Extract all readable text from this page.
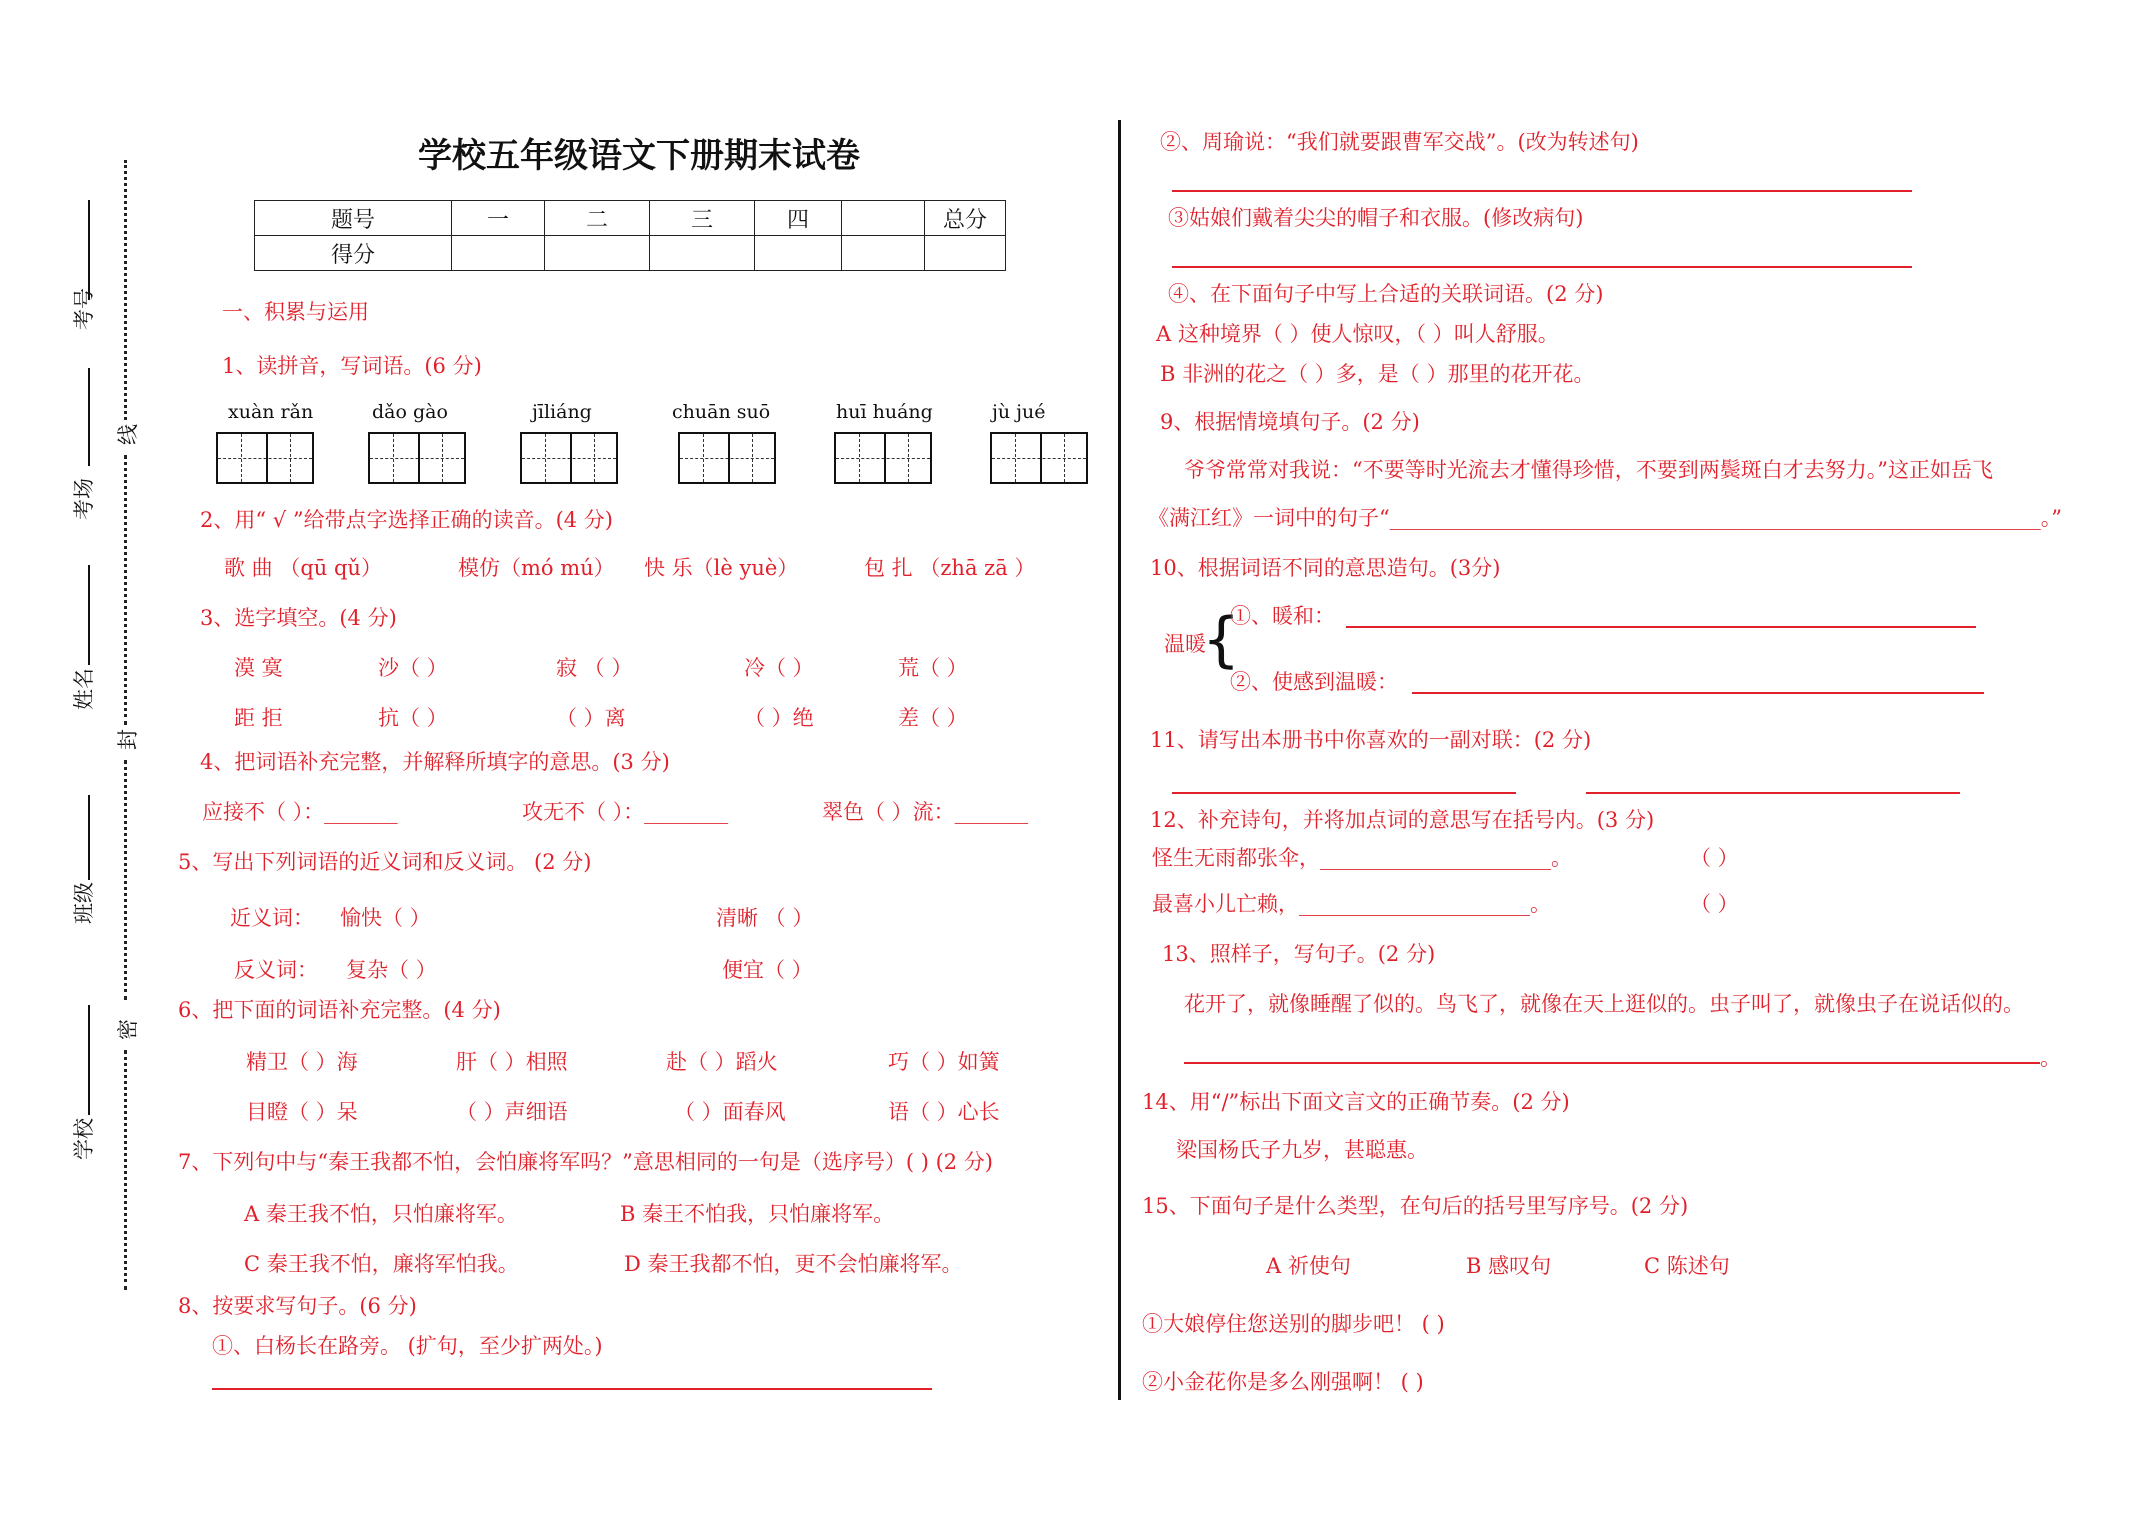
考号
考场
姓名
班级
学校
线
封
密
学校五年级语文下册期末试卷
题号	一	二	三	四		总分
得分						
一、积累与运用
1、读拼音，写词语。(6 分)
xuàn rǎn	dǎo gào	jīliáng	chuān suō	huī huáng	jù jué
2、用“ √ ”给带点字选择正确的读音。(4 分)
歌 曲 （qū qǔ）	模仿（mó mú） 快 乐（lè yuè）	包 扎 （zhā zā ）
3、选字填空。(4 分)
漠 寞	沙（ ）	寂 （ ）	冷（ ）	荒（ ）
距 拒	抗（ ）	（ ）离	（ ）绝	差（ ）
4、把词语补充完整，并解释所填字的意思。(3 分)
应接不（ ）：_______	攻无不（ ）：________	翠色（ ）流：_______
5、写出下列词语的近义词和反义词。 (2 分)
近义词： 愉快（ ）	清晰 （ ）
反义词： 复杂（ ）	便宜（ ）
6、把下面的词语补充完整。(4 分)
精卫（ ）海	肝（ ）相照	赴（ ）蹈火	巧（ ）如簧
目瞪（ ）呆	（ ）声细语	（ ）面春风	语（ ）心长
7、下列句中与“秦王我都不怕，会怕廉将军吗？”意思相同的一句是（选序号）( ) (2 分)
A 秦王我不怕，只怕廉将军。	B 秦王不怕我，只怕廉将军。
C 秦王我不怕，廉将军怕我。	D 秦王我都不怕，更不会怕廉将军。
8、按要求写句子。(6 分)
①、白杨长在路旁。 (扩句，至少扩两处。)
②、周瑜说：“我们就要跟曹军交战”。(改为转述句)
③姑娘们戴着尖尖的帽子和衣服。(修改病句)
④、在下面句子中写上合适的关联词语。(2 分)
A 这种境界（ ）使人惊叹，（ ）叫人舒服。
B 非洲的花之（ ）多，是（ ）那里的花开花。
9、根据情境填句子。(2 分)
爷爷常常对我说：“不要等时光流去才懂得珍惜，不要到两鬓斑白才去努力。”这正如岳飞
《满江红》一词中的句子“______________________________________________________________。”
10、根据词语不同的意思造句。(3分)
温暖
{
①、暖和：
②、使感到温暖：
11、请写出本册书中你喜欢的一副对联：(2 分)
12、补充诗句，并将加点词的意思写在括号内。(3 分)
怪生无雨都张伞，______________________。	（ ）
最喜小儿亡赖，______________________。	（ ）
13、照样子，写句子。(2 分)
花开了，就像睡醒了似的。鸟飞了，就像在天上逛似的。虫子叫了，就像虫子在说话似的。
。
14、用“/”标出下面文言文的正确节奏。(2 分)
梁国杨氏子九岁，甚聪惠。
15、下面句子是什么类型，在句后的括号里写序号。(2 分)
A 祈使句	B 感叹句	C 陈述句
①大娘停住您送别的脚步吧！ ( )
②小金花你是多么刚强啊！ ( )
